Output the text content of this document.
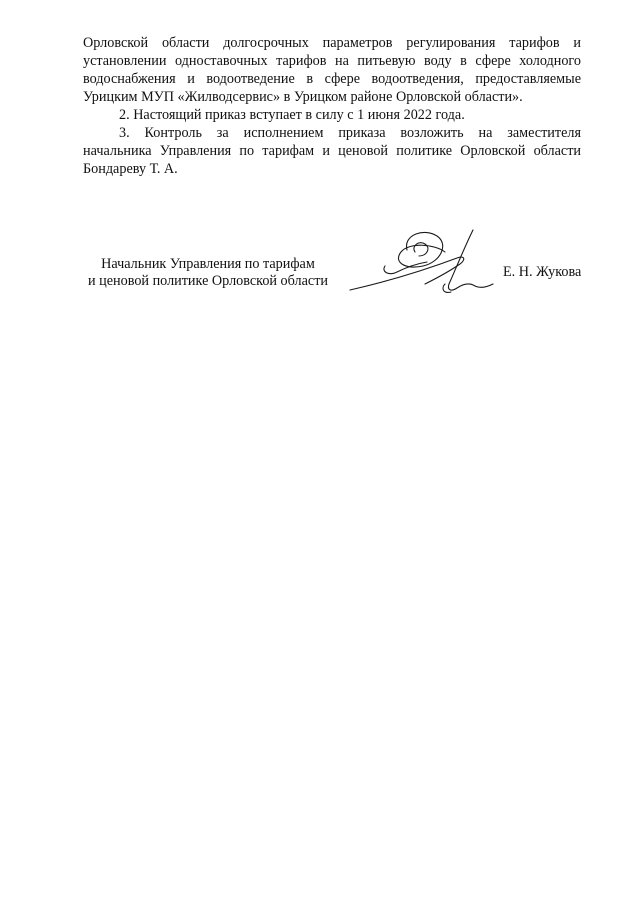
Орловской области долгосрочных параметров регулирования тарифов и
установлении одноставочных тарифов на питьевую воду в сфере холодного
водоснабжения и водоотведение в сфере водоотведения, предоставляемые
Урицким МУП «Жилводсервис» в Урицком районе Орловской области».
2. Настоящий приказ вступает в силу с 1 июня 2022 года.
3. Контроль за исполнением приказа возложить на заместителя
начальника Управления по тарифам и ценовой политике Орловской области
Бондареву Т. А.
Начальник Управления по тарифам
и ценовой политике Орловской области
Е. Н. Жукова
